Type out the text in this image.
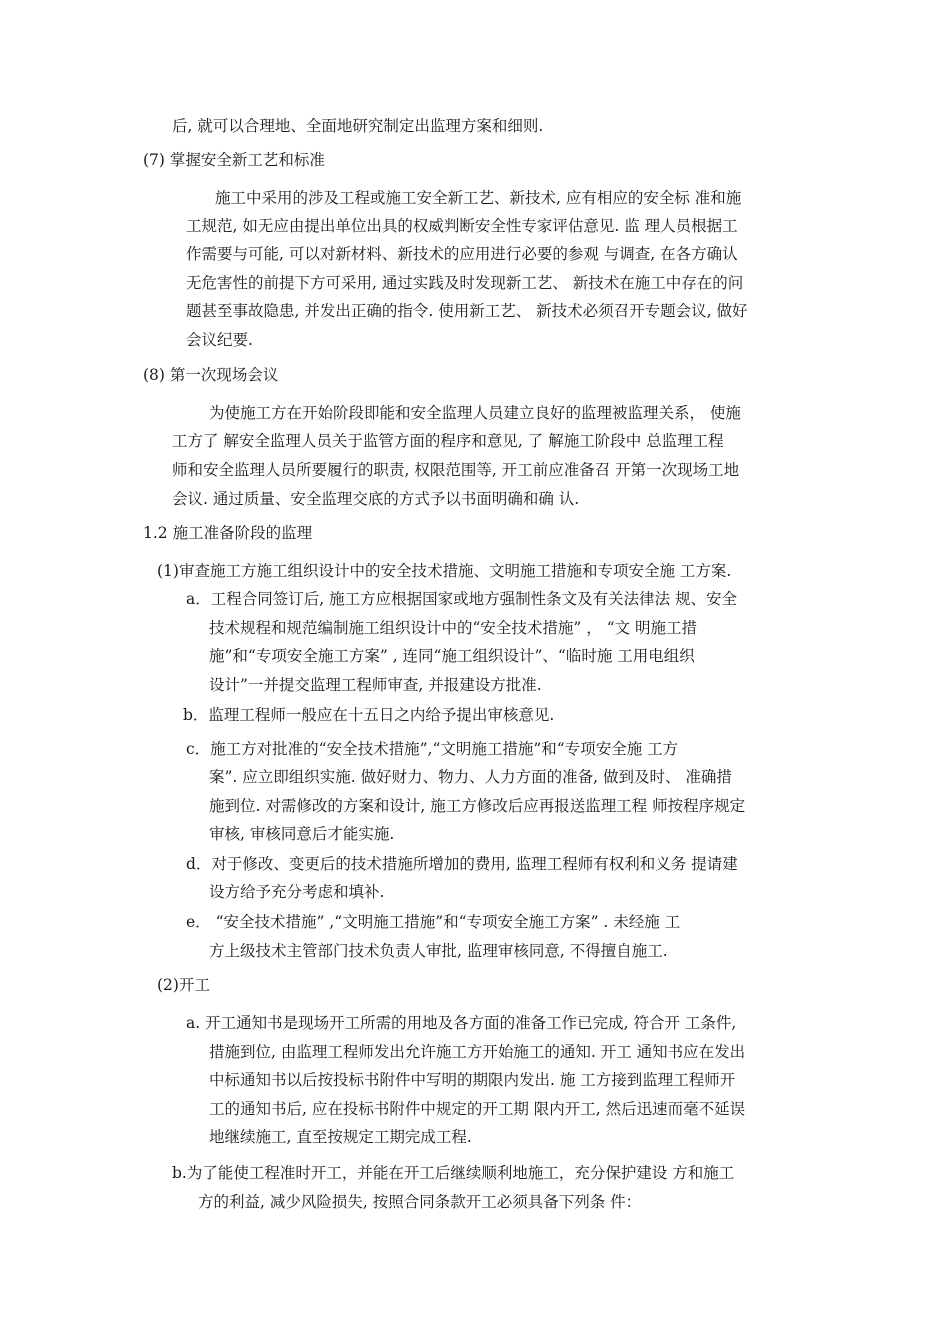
后, 就可以合理地、全面地研究制定出监理方案和细则.
(7) 掌握安全新工艺和标准
施工中采用的涉及工程或施工安全新工艺、新技术, 应有相应的安全标 准和施
工规范, 如无应由提出单位出具的权威判断安全性专家评估意见. 监 理人员根据工
作需要与可能, 可以对新材料、新技术的应用进行必要的参观 与调查, 在各方确认
无危害性的前提下方可采用, 通过实践及时发现新工艺、 新技术在施工中存在的问
题甚至事故隐患, 并发出正确的指令. 使用新工艺、 新技术必须召开专题会议, 做好
会议纪要.
(8) 第一次现场会议
为使施工方在开始阶段即能和安全监理人员建立良好的监理被监理关系， 使施
工方了 解安全监理人员关于监管方面的程序和意见, 了 解施工阶段中 总监理工程
师和安全监理人员所要履行的职责, 权限范围等, 开工前应准备召 开第一次现场工地
会议. 通过质量、安全监理交底的方式予以书面明确和确 认.
1.2 施工准备阶段的监理
(1)审查施工方施工组织设计中的安全技术措施、文明施工措施和专项安全施 工方案.
a．工程合同签订后, 施工方应根据国家或地方强制性条文及有关法律法 规、安全
技术规程和规范编制施工组织设计中的“安全技术措施” ， “文 明施工措
施”和“专项安全施工方案” , 连同“施工组织设计”、“临时施 工用电组织
设计”一并提交监理工程师审查, 并报建设方批准.
b．监理工程师一般应在十五日之内给予提出审核意见.
c．施工方对批准的“安全技术措施”,“文明施工措施”和“专项安全施 工方
案”. 应立即组织实施. 做好财力、物力、人力方面的准备, 做到及时、 准确措
施到位. 对需修改的方案和设计, 施工方修改后应再报送监理工程 师按程序规定
审核, 审核同意后才能实施.
d．对于修改、变更后的技术措施所增加的费用, 监理工程师有权利和义务 提请建
设方给予充分考虑和填补.
e． “安全技术措施” ,“文明施工措施”和“专项安全施工方案” . 未经施 工
方上级技术主管部门技术负责人审批, 监理审核同意, 不得擅自施工.
(2)开工
a. 开工通知书是现场开工所需的用地及各方面的准备工作已完成, 符合开 工条件,
措施到位, 由监理工程师发出允许施工方开始施工的通知. 开工 通知书应在发出
中标通知书以后按投标书附件中写明的期限内发出. 施 工方接到监理工程师开
工的通知书后, 应在投标书附件中规定的开工期 限内开工, 然后迅速而毫不延误
地继续施工, 直至按规定工期完成工程.
b.为了能使工程准时开工，并能在开工后继续顺利地施工，充分保护建设 方和施工
方的利益, 减少风险损失, 按照合同条款开工必须具备下列条 件：
